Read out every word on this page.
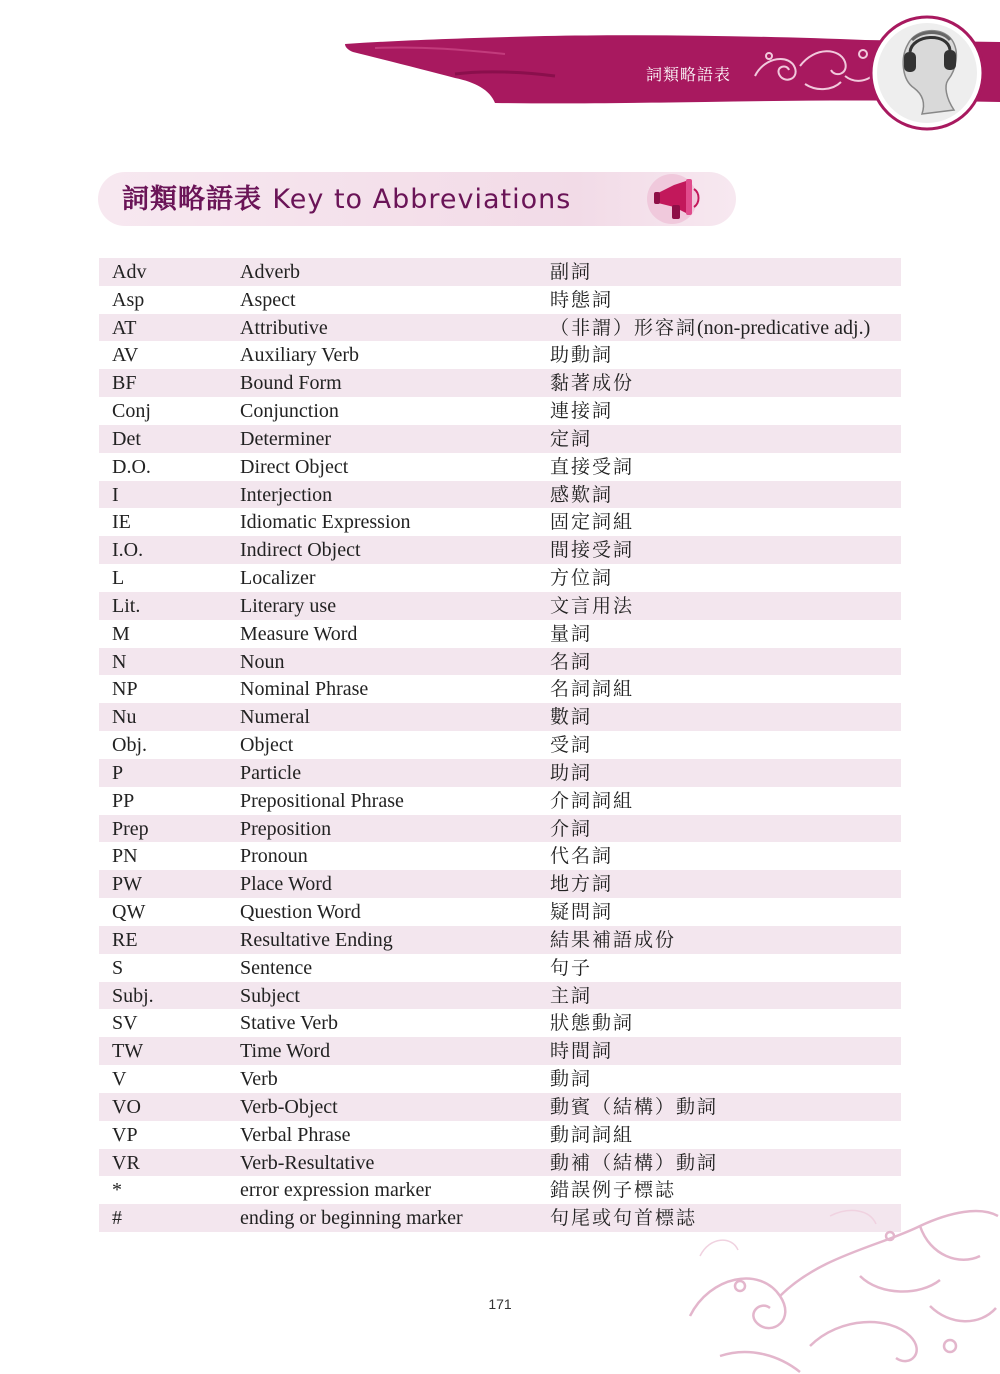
詞類略語表
詞類略語表 Key to Abbreviations
Adv	Adverb	副詞
Asp	Aspect	時態詞
AT	Attributive	（非謂）形容詞(non-predicative adj.)
AV	Auxiliary Verb	助動詞
BF	Bound Form	黏著成份
Conj	Conjunction	連接詞
Det	Determiner	定詞
D.O.	Direct Object	直接受詞
I	Interjection	感歎詞
IE	Idiomatic Expression	固定詞組
I.O.	Indirect Object	間接受詞
L	Localizer	方位詞
Lit.	Literary use	文言用法
M	Measure Word	量詞
N	Noun	名詞
NP	Nominal Phrase	名詞詞組
Nu	Numeral	數詞
Obj.	Object	受詞
P	Particle	助詞
PP	Prepositional Phrase	介詞詞組
Prep	Preposition	介詞
PN	Pronoun	代名詞
PW	Place Word	地方詞
QW	Question Word	疑問詞
RE	Resultative Ending	結果補語成份
S	Sentence	句子
Subj.	Subject	主詞
SV	Stative Verb	狀態動詞
TW	Time Word	時間詞
V	Verb	動詞
VO	Verb-Object	動賓（結構）動詞
VP	Verbal Phrase	動詞詞組
VR	Verb-Resultative	動補（結構）動詞
*	error expression marker	錯誤例子標誌
#	ending or beginning marker	句尾或句首標誌
171
